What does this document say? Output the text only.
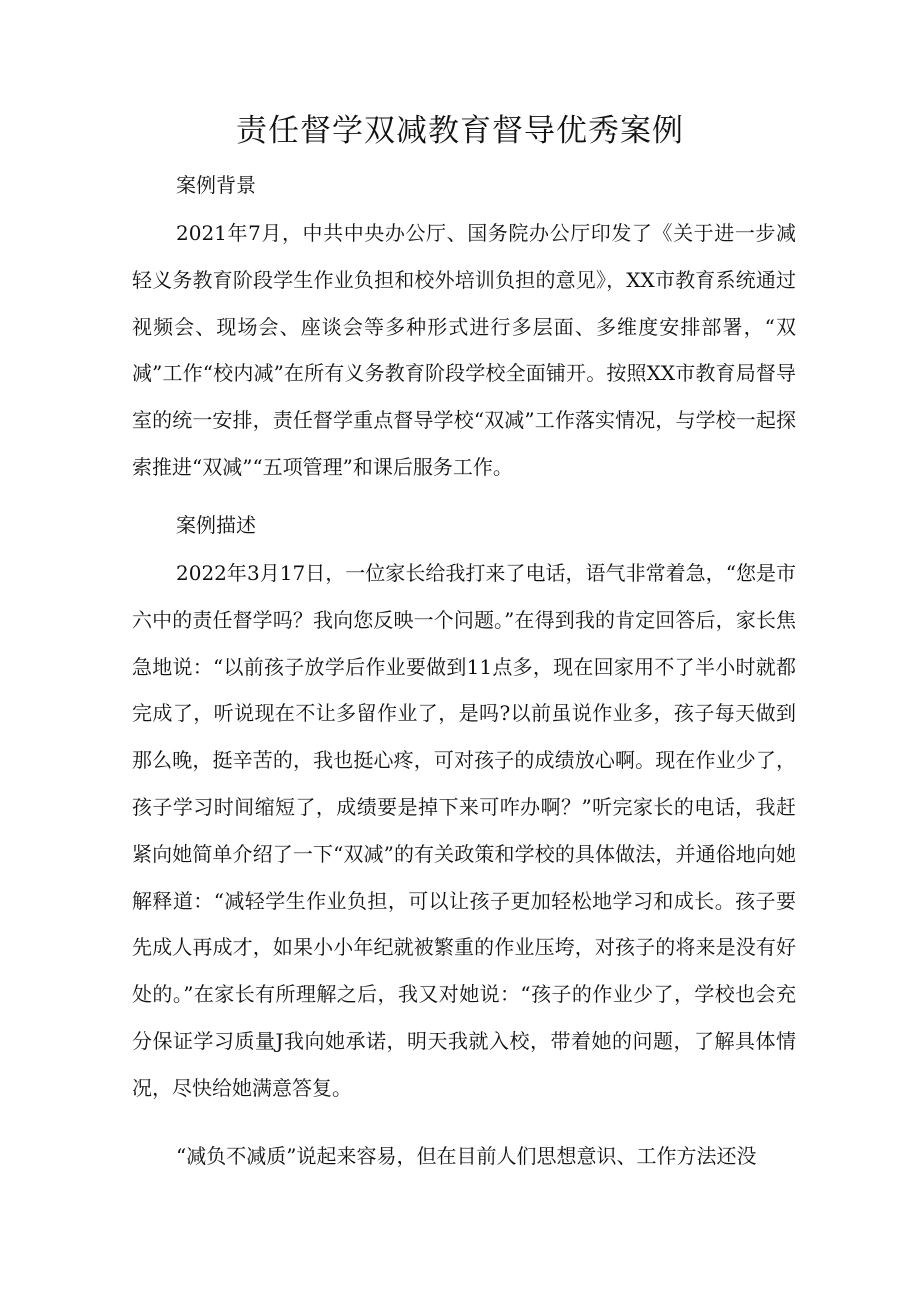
责任督学双减教育督导优秀案例
案例背景

2021年7月，中共中央办公厅、国务院办公厅印发了《关于进一步减轻义务教育阶段学生作业负担和校外培训负担的意见》，XX市教育系统通过视频会、现场会、座谈会等多种形式进行多层面、多维度安排部署，“双减”工作“校内减”在所有义务教育阶段学校全面铺开。按照XX市教育局督导室的统一安排，责任督学重点督导学校“双减”工作落实情况，与学校一起探索推进“双减”“五项管理”和课后服务工作。

案例描述

2022年3月17日，一位家长给我打来了电话，语气非常着急，“您是市六中的责任督学吗？我向您反映一个问题。”在得到我的肯定回答后，家长焦急地说：“以前孩子放学后作业要做到11点多，现在回家用不了半小时就都完成了，听说现在不让多留作业了，是吗?以前虽说作业多，孩子每天做到那么晚，挺辛苦的，我也挺心疼，可对孩子的成绩放心啊。现在作业少了，孩子学习时间缩短了，成绩要是掉下来可咋办啊？”听完家长的电话，我赶紧向她简单介绍了一下“双减”的有关政策和学校的具体做法，并通俗地向她解释道：“减轻学生作业负担，可以让孩子更加轻松地学习和成长。孩子要先成人再成才，如果小小年纪就被繁重的作业压垮，对孩子的将来是没有好处的。”在家长有所理解之后，我又对她说：“孩子的作业少了，学校也会充分保证学习质量J我向她承诺，明天我就入校，带着她的问题，了解具体情况，尽快给她满意答复。

“减负不减质”说起来容易，但在目前人们思想意识、工作方法还没
